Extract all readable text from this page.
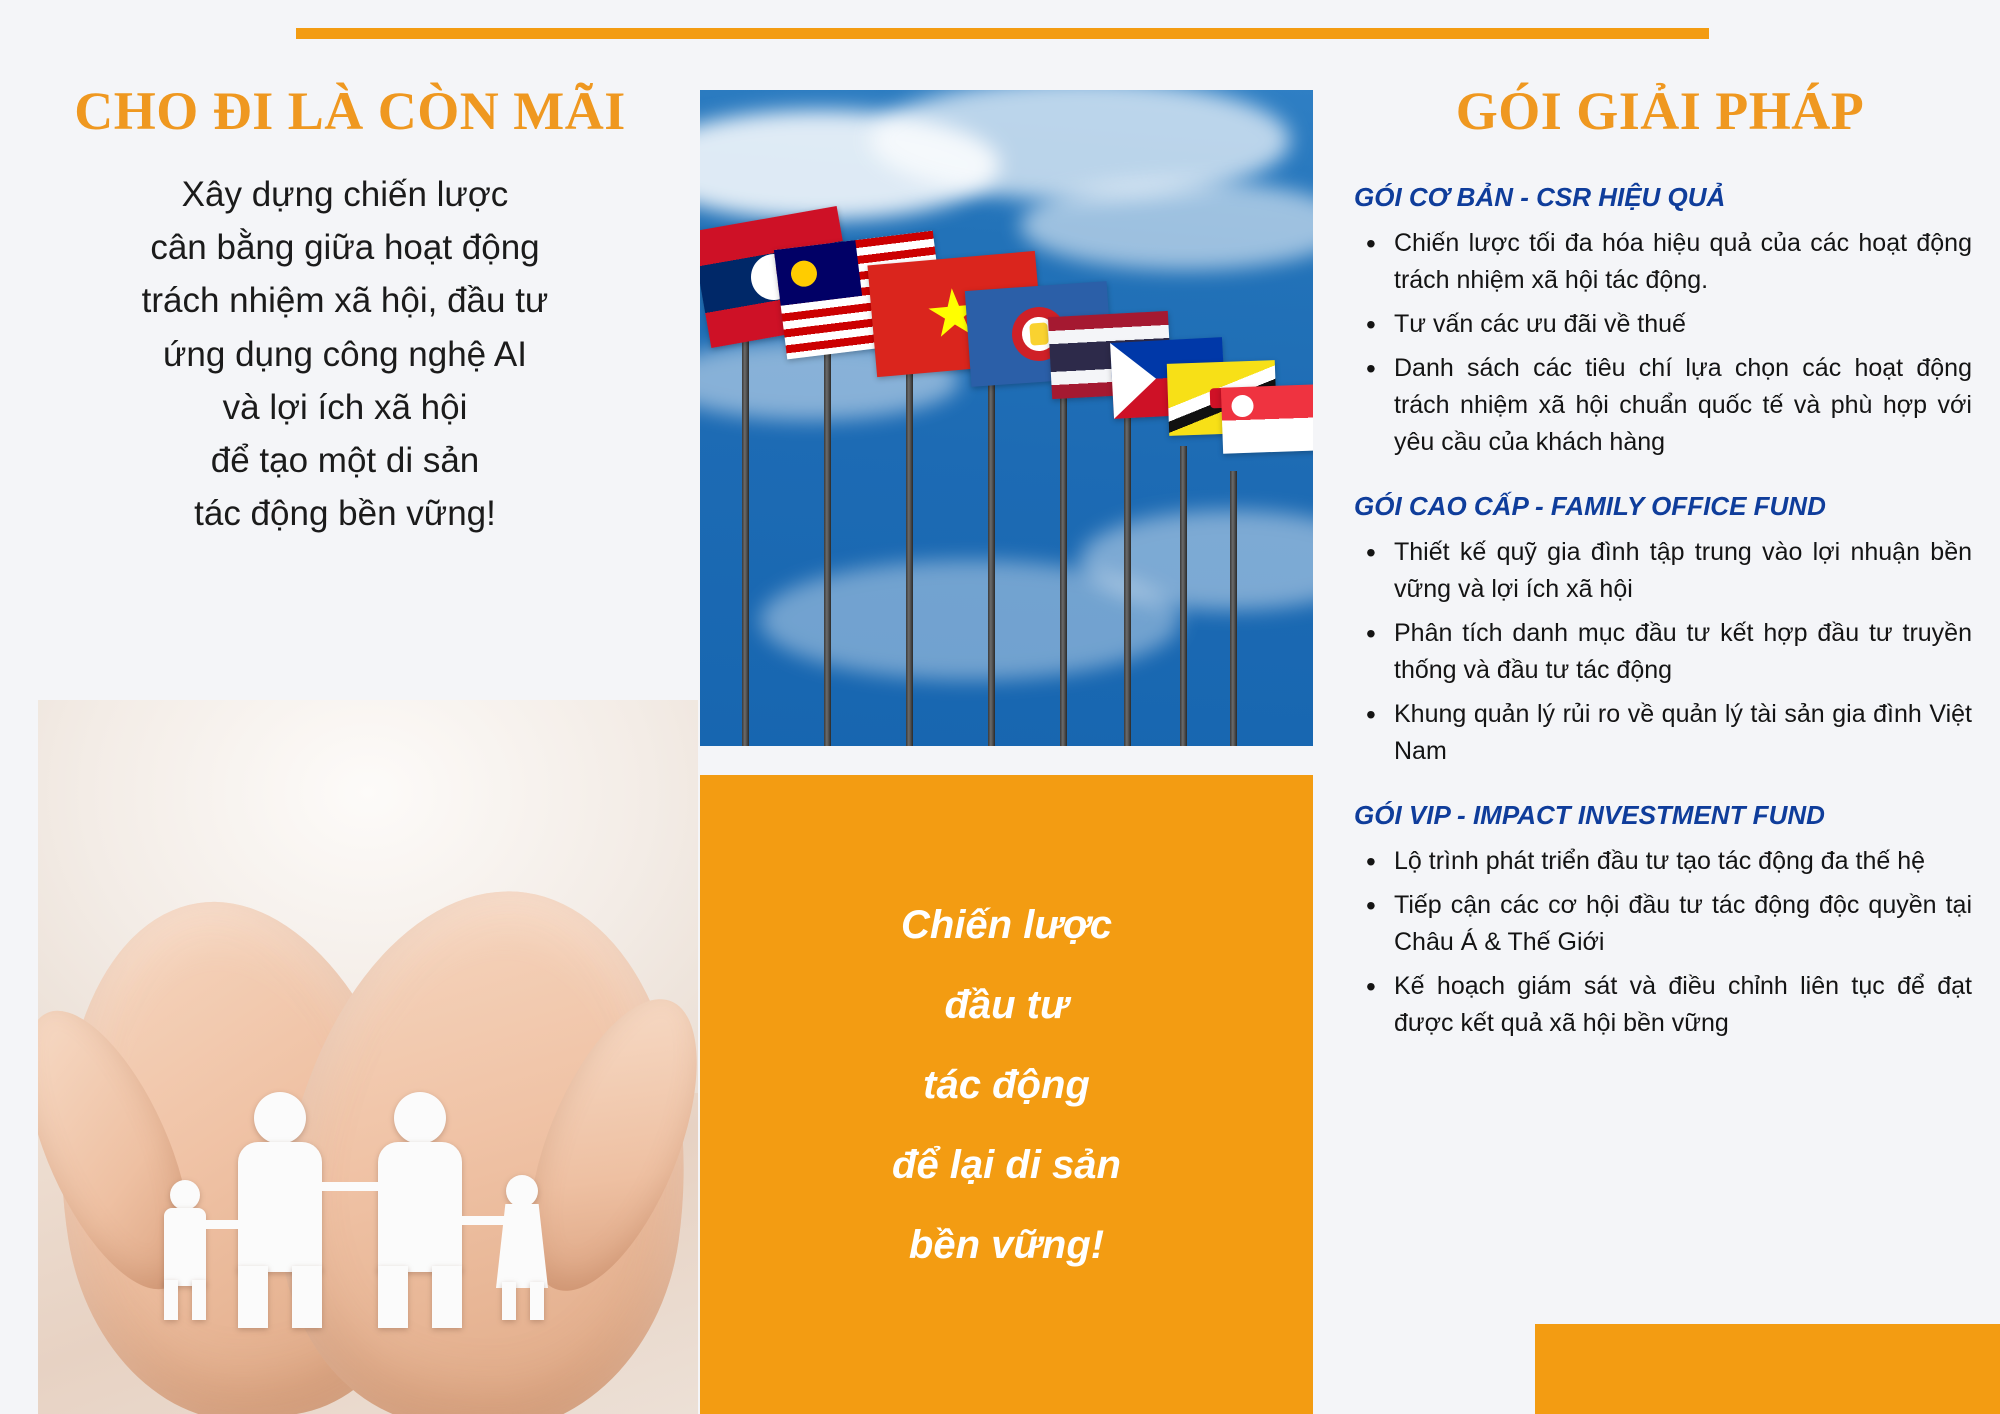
CHO ĐI LÀ CÒN MÃI
Xây dựng chiến lược
cân bằng giữa hoạt động
trách nhiệm xã hội, đầu tư
ứng dụng công nghệ AI
và lợi ích xã hội
để tạo một di sản
tác động bền vững!
Chiến lược
đầu tư
tác động
để lại di sản
bền vững!
GÓI GIẢI PHÁP

GÓI CƠ BẢN - CSR HIỆU QUẢ

• Chiến lược tối đa hóa hiệu quả của các hoạt động trách nhiệm xã hội tác động.
• Tư vấn các ưu đãi về thuế
• Danh sách các tiêu chí lựa chọn các hoạt động trách nhiệm xã hội chuẩn quốc tế và phù hợp với yêu cầu của khách hàng

GÓI CAO CẤP - FAMILY OFFICE FUND

• Thiết kế quỹ gia đình tập trung vào lợi nhuận bền vững và lợi ích xã hội
• Phân tích danh mục đầu tư kết hợp đầu tư truyền thống và đầu tư tác động
• Khung quản lý rủi ro về quản lý tài sản gia đình Việt Nam

GÓI VIP - IMPACT INVESTMENT FUND

• Lộ trình phát triển đầu tư tạo tác động đa thế hệ
• Tiếp cận các cơ hội đầu tư tác động độc quyền tại Châu Á & Thế Giới
• Kế hoạch giám sát và điều chỉnh liên tục để đạt được kết quả xã hội bền vững
